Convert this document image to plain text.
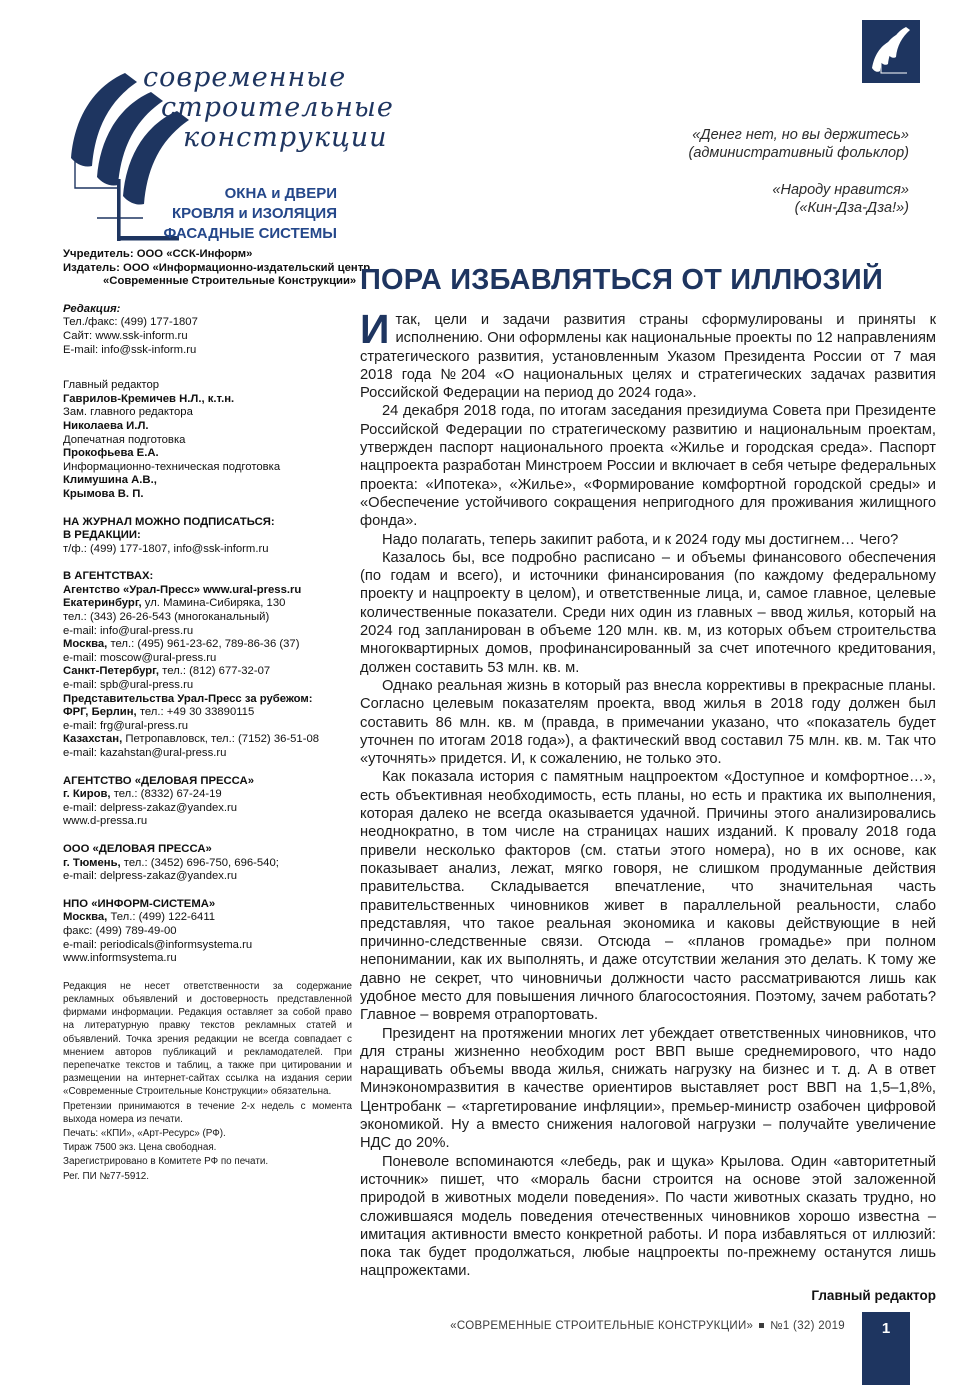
современные
строительные
конструкции
ОКНА и ДВЕРИ
КРОВЛЯ и ИЗОЛЯЦИЯ
ФАСАДНЫЕ СИСТЕМЫ
«Денег нет, но вы держитесь»
(административный фольклор)
«Народу нравится»
(«Кин-Дза-Дза!»)
Учредитель: ООО «ССК-Информ»
Издатель: ООО «Информационно-издательский центр
«Современные Строительные Конструкции»
Редакция:
Тел./факс: (499) 177-1807
Сайт: www.ssk-inform.ru
E-mail: info@ssk-inform.ru
Главный редактор
Гаврилов-Кремичев Н.Л., к.т.н.
Зам. главного редактора
Николаева И.Л.
Допечатная подготовка
Прокофьева Е.А.
Информационно-техническая подготовка
Климушина А.В.,
Крымова В. П.
НА ЖУРНАЛ МОЖНО ПОДПИСАТЬСЯ:
В РЕДАКЦИИ:
т/ф.: (499) 177-1807, info@ssk-inform.ru
В АГЕНТСТВАХ:
Агентство «Урал-Пресс» www.ural-press.ru
Екатеринбург, ул. Мамина-Сибиряка, 130
тел.: (343) 26-26-543 (многоканальный)
e-mail: info@ural-press.ru
Москва, тел.: (495) 961-23-62, 789-86-36 (37)
e-mail: moscow@ural-press.ru
Санкт-Петербург, тел.: (812) 677-32-07
e-mail: spb@ural-press.ru
Представительства Урал-Пресс за рубежом:
ФРГ, Берлин, тел.: +49 30 33890115
e-mail: frg@ural-press.ru
Казахстан, Петропавловск, тел.: (7152) 36-51-08
e-mail: kazahstan@ural-press.ru
АГЕНТСТВО «ДЕЛОВАЯ ПРЕССА»
г. Киров, тел.: (8332) 67-24-19
e-mail: delpress-zakaz@yandex.ru
www.d-pressa.ru
ООО «ДЕЛОВАЯ ПРЕССА»
г. Тюмень, тел.: (3452) 696-750, 696-540;
e-mail: delpress-zakaz@yandex.ru
НПО «ИНФОРМ-СИСТЕМА»
Москва, Тел.: (499) 122-6411
факс: (499) 789-49-00
e-mail: periodicals@informsystema.ru
www.informsystema.ru

Редакция не несет ответственности за содержание рекламных объявлений и достоверность представленной фирмами информации. Редакция оставляет за собой право на литературную правку текстов рекламных статей и объявлений. Точка зрения редакции не всегда совпадает с мнением авторов публикаций и рекламодателей. При перепечатке текстов и таблиц, а также при цитировании и размещении на интернет-сайтах ссылка на издания серии «Современные Строительные Конструкции» обязательна.

Претензии принимаются в течение 2-х недель с момента выхода номера из печати.

Печать: «КПИ», «Арт-Ресурс» (РФ).

Тираж 7500 экз. Цена свободная.

Зарегистрировано в Комитете РФ по печати.

Рег. ПИ №77-5912.

ПОРА ИЗБАВЛЯТЬСЯ ОТ ИЛЛЮЗИЙ

Итак, цели и задачи развития страны сформулированы и приняты к исполнению. Они оформлены как национальные проекты по 12 направлениям стратегического развития, установленным Указом Президента России от 7 мая 2018 года №204 «О национальных целях и стратегических задачах развития Российской Федерации на период до 2024 года».

24 декабря 2018 года, по итогам заседания президиума Совета при Президенте Российской Федерации по стратегическому развитию и национальным проектам, утвержден паспорт национального проекта «Жилье и городская среда». Паспорт нацпроекта разработан Минстроем России и включает в себя четыре федеральных проекта: «Ипотека», «Жилье», «Формирование комфортной городской среды» и «Обеспечение устойчивого сокращения непригодного для проживания жилищного фонда».

Надо полагать, теперь закипит работа, и к 2024 году мы достигнем… Чего?

Казалось бы, все подробно расписано – и объемы финансового обеспечения (по годам и всего), и источники финансирования (по каждому федеральному проекту и нацпроекту в целом), и ответственные лица, и, самое главное, целевые количественные показатели. Среди них один из главных – ввод жилья, который на 2024 год запланирован в объеме 120 млн. кв. м, из которых объем строительства многоквартирных домов, профинансированный за счет ипотечного кредитования, должен составить 53 млн. кв. м.

Однако реальная жизнь в который раз внесла коррективы в прекрасные планы. Согласно целевым показателям проекта, ввод жилья в 2018 году должен был составить 86 млн. кв. м (правда, в примечании указано, что «показатель будет уточнен по итогам 2018 года»), а фактический ввод составил 75 млн. кв. м. Так что «уточнять» придется. И, к сожалению, не только это.

Как показала история с памятным нацпроектом «Доступное и комфортное…», есть объективная необходимость, есть планы, но есть и практика их выполнения, которая далеко не всегда оказывается удачной. Причины этого анализировались неоднократно, в том числе на страницах наших изданий. К провалу 2018 года привели несколько факторов (см. статьи этого номера), но в их основе, как показывает анализ, лежат, мягко говоря, не слишком продуманные действия правительства. Складывается впечатление, что значительная часть правительственных чиновников живет в параллельной реальности, слабо представляя, что такое реальная экономика и каковы действующие в ней причинно-следственные связи. Отсюда – «планов громадье» при полном непонимании, как их выполнять, и даже отсутствии желания это делать. К тому же давно не секрет, что чиновничьи должности часто рассматриваются лишь как удобное место для повышения личного благосостояния. Поэтому, зачем работать? Главное – вовремя отрапортовать.

Президент на протяжении многих лет убеждает ответственных чиновников, что для страны жизненно необходим рост ВВП выше среднемирового, что надо наращивать объемы ввода жилья, снижать нагрузку на бизнес и т. д. А в ответ Минэкономразвития в качестве ориентиров выставляет рост ВВП на 1,5–1,8%, Центробанк – «таргетирование инфляции», премьер-министр озабочен цифровой экономикой. Ну а вместо снижения налоговой нагрузки – получайте увеличение НДС до 20%.

Поневоле вспоминаются «лебедь, рак и щука» Крылова. Один «авторитетный источник» пишет, что «мораль басни строится на основе этой заложенной природой в животных модели поведения». По части животных сказать трудно, но сложившаяся модель поведения отечественных чиновников хорошо известна – имитация активности вместо конкретной работы. И пора избавляться от иллюзий: пока так будет продолжаться, любые нацпроекты по-прежнему останутся лишь нацпрожектами.

Главный редактор
«СОВРЕМЕННЫЕ СТРОИТЕЛЬНЫЕ КОНСТРУКЦИИ» №1 (32) 2019	1
